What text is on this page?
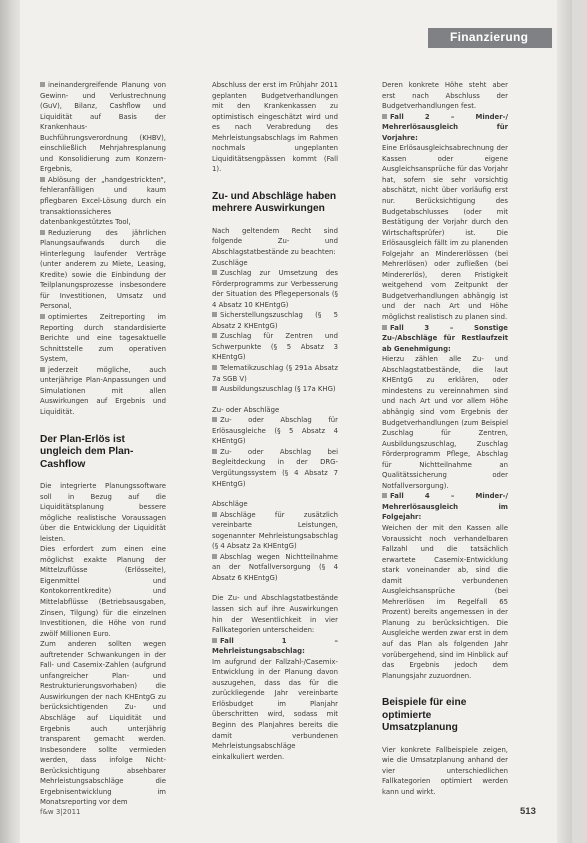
Finanzierung

ineinandergreifende Planung von Gewinn- und Verlustrechnung (GuV), Bilanz, Cashflow und Liquidität auf Basis der Krankenhaus-Buchführungsverordnung (KHBV), einschließlich Mehrjahresplanung und Konsolidierung zum Konzern-Ergebnis,

Ablösung der „handgestrickten“, fehleranfälligen und kaum pflegbaren Excel-Lösung durch ein transaktionssicheres datenbankgestütztes Tool,

Reduzierung des jährlichen Planungsaufwands durch die Hinterlegung laufender Verträge (unter anderem zu Miete, Leasing, Kredite) sowie die Einbindung der Teilplanungsprozesse insbesondere für Investitionen, Umsatz und Personal,

optimiertes Zeitreporting im Reporting durch standardisierte Berichte und eine tagesaktuelle Schnittstelle zum operativen System,

jederzeit mögliche, auch unterjährige Plan-Anpassungen und Simulationen mit allen Auswirkungen auf Ergebnis und Liquidität.

Der Plan-Erlös ist ungleich dem Plan-Cashflow

Die integrierte Planungssoftware soll in Bezug auf die Liquiditätsplanung bessere mögliche realistische Voraussagen über die Entwicklung der Liquidität leisten.

Dies erfordert zum einen eine möglichst exakte Planung der Mittelzuflüsse (Erlösseite), Eigenmittel und Kontokorrentkredite) und Mittelabflüsse (Betriebsausgaben, Zinsen, Tilgung) für die einzelnen Investitionen, die Höhe von rund zwölf Millionen Euro.

Zum anderen sollten wegen auftretender Schwankungen in der Fall- und Casemix-Zahlen (aufgrund unfangreicher Plan- und Restrukturierungsvorhaben) die Auswirkungen der nach KHEntgG zu berücksichtigenden Zu- und Abschläge auf Liquidität und Ergebnis auch unterjährig transparent gemacht werden. Insbesondere sollte vermieden werden, dass infolge Nicht-Berücksichtigung absehbarer Mehrleistungsabschläge die Ergebnisentwicklung im Monatsreporting vor dem

Abschluss der erst im Frühjahr 2011 geplanten Budgetverhandlungen mit den Krankenkassen zu optimistisch eingeschätzt wird und es nach Verabredung des Mehrleistungsabschlags im Rahmen nochmals ungeplanten Liquiditätsengpässen kommt (Fall 1).

Zu- und Abschläge haben mehrere Auswirkungen

Nach geltendem Recht sind folgende Zu- und Abschlagstatbestände zu beachten:

Zuschläge

Zuschlag zur Umsetzung des Förderprogramms zur Verbesserung der Situation des Pflegepersonals (§ 4 Absatz 10 KHEntgG)

Sicherstellungszuschlag (§ 5 Absatz 2 KHEntgG)

Zuschlag für Zentren und Schwerpunkte (§ 5 Absatz 3 KHEntgG)

Telematikzuschlag (§ 291a Absatz 7a SGB V)

Ausbildungszuschlag (§ 17a KHG)

Zu- oder Abschläge

Zu- oder Abschlag für Erlösausgleiche (§ 5 Absatz 4 KHEntgG)

Zu- oder Abschlag bei Begleitdeckung in der DRG-Vergütungssystem (§ 4 Absatz 7 KHEntgG)

Abschläge

Abschläge für zusätzlich vereinbarte Leistungen, sogenannter Mehrleistungsabschlag (§ 4 Absatz 2a KHEntgG)

Abschlag wegen Nichtteilnahme an der Notfallversorgung (§ 4 Absatz 6 KHEntgG)

Die Zu- und Abschlagstatbestände lassen sich auf ihre Auswirkungen hin der Wesentlichkeit in vier Fallkategorien unterscheiden:

Fall 1 – Mehrleistungsabschlag:

Im aufgrund der Fallzahl-/Casemix-Entwicklung in der Planung davon auszugehen, dass das für die zurückliegende Jahr vereinbarte Erlösbudget im Planjahr überschritten wird, sodass mit Beginn des Planjahres bereits die damit verbundenen Mehrleistungsabschläge einkalkuliert werden.

Deren konkrete Höhe steht aber erst nach Abschluss der Budgetverhandlungen fest.

Fall 2 – Minder-/ Mehrerlösausgleich für Vorjahre:

Eine Erlösausgleichsabrechnung der Kassen oder eigene Ausgleichsansprüche für das Vorjahr hat, sofern sie sehr vorsichtig abschätzt, nicht über vorläufig erst nur. Berücksichtigung des Budgetabschlusses (oder mit Bestätigung der Vorjahr durch den Wirtschaftsprüfer) ist. Die Erlösausgleich fällt im zu planenden Folgejahr an Mindererlössen (bei Mehrerlösen) oder zufließen (bei Mindererlös), deren Fristigkeit weitgehend vom Zeitpunkt der Budgetverhandlungen abhängig ist und der nach Art und Höhe möglichst realistisch zu planen sind.

Fall 3 – Sonstige Zu-/Abschläge für Restlaufzeit ab Genehmigung:

Hierzu zählen alle Zu- und Abschlagstatbestände, die laut KHEntgG zu erklären, oder mindestens zu vereinnahmen sind und nach Art und vor allem Höhe abhängig sind vom Ergebnis der Budgetverhandlungen (zum Beispiel Zuschlag für Zentren, Ausbildungszuschlag, Zuschlag Förderprogramm Pflege, Abschlag für Nichtteilnahme an Qualitätssicherung oder Notfallversorgung).

Fall 4 – Minder-/ Mehrerlösausgleich im Folgejahr:

Weichen der mit den Kassen alle Voraussicht noch verhandelbaren Fallzahl und die tatsächlich erwartete Casemix-Entwicklung stark voneinander ab, sind die damit verbundenen Ausgleichsansprüche (bei Mehrerlösen im Regelfall 65 Prozent) bereits angemessen in der Planung zu berücksichtigen. Die Ausgleiche werden zwar erst in dem auf das Plan als folgenden Jahr vorübergehend, sind im Hinblick auf das Ergebnis jedoch dem Planungsjahr zuzuordnen.

Beispiele für eine optimierte Umsatzplanung

Vier konkrete Fallbeispiele zeigen, wie die Umsatzplanung anhand der vier unterschiedlichen Fallkategorien optimiert werden kann und wirkt.

f&w 3|2011	513
